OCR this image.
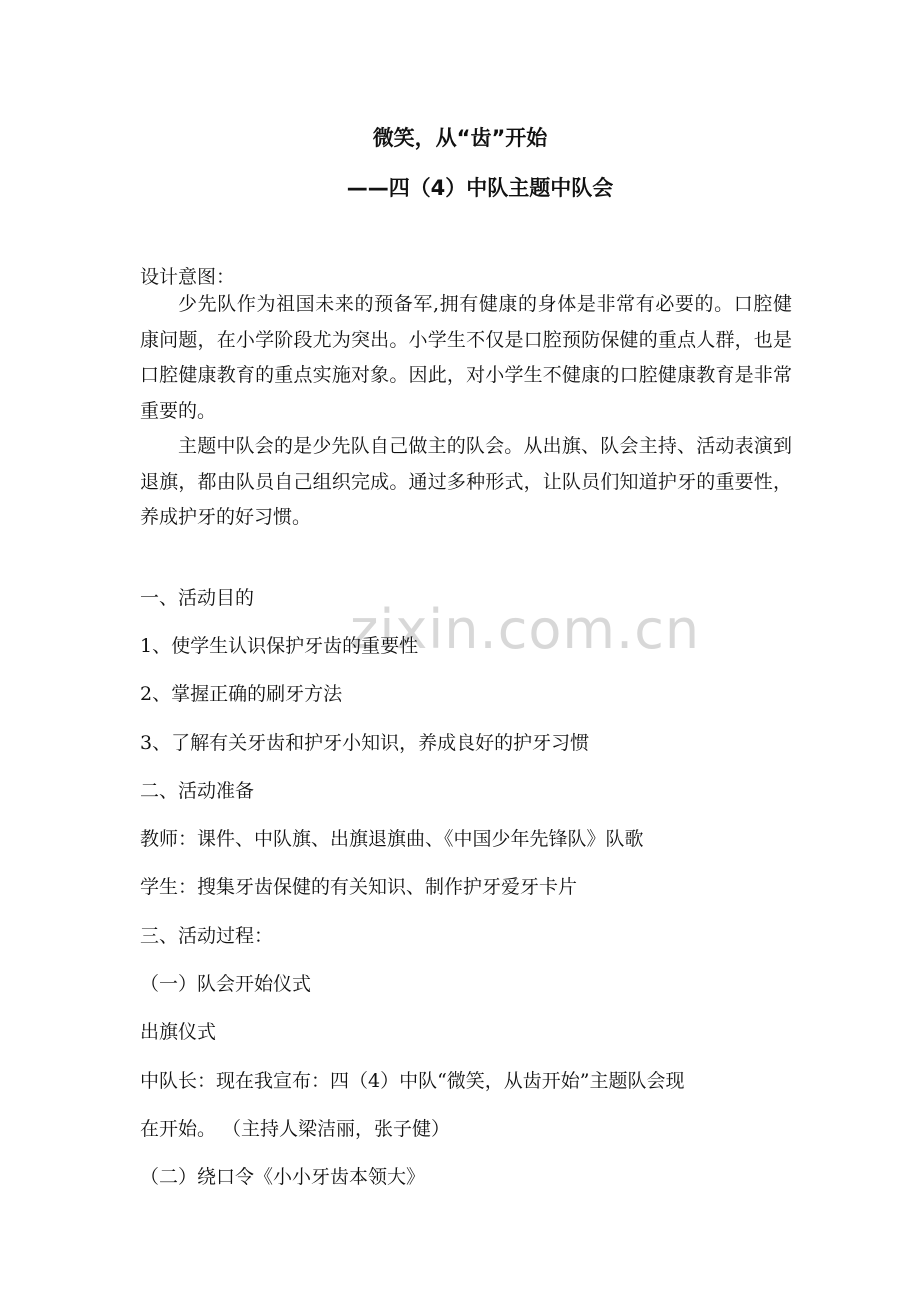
zixin.com.cn
微笑，从“齿”开始
——四（4）中队主题中队会
设计意图：

少先队作为祖国未来的预备军,拥有健康的身体是非常有必要的。口腔健康问题，在小学阶段尤为突出。小学生不仅是口腔预防保健的重点人群，也是口腔健康教育的重点实施对象。因此，对小学生不健康的口腔健康教育是非常重要的。

主题中队会的是少先队自己做主的队会。从出旗、队会主持、活动表演到退旗，都由队员自己组织完成。通过多种形式，让队员们知道护牙的重要性，养成护牙的好习惯。

一、活动目的
1、使学生认识保护牙齿的重要性
2、掌握正确的刷牙方法
3、了解有关牙齿和护牙小知识，养成良好的护牙习惯
二、活动准备
教师：课件、中队旗、出旗退旗曲、《中国少年先锋队》队歌
学生：搜集牙齿保健的有关知识、制作护牙爱牙卡片
三、活动过程：
（一）队会开始仪式
出旗仪式
中队长：现在我宣布：四（4）中队“微笑，从齿开始”主题队会现
在开始。 （主持人梁洁丽，张子健）
（二）绕口令《小小牙齿本领大》
